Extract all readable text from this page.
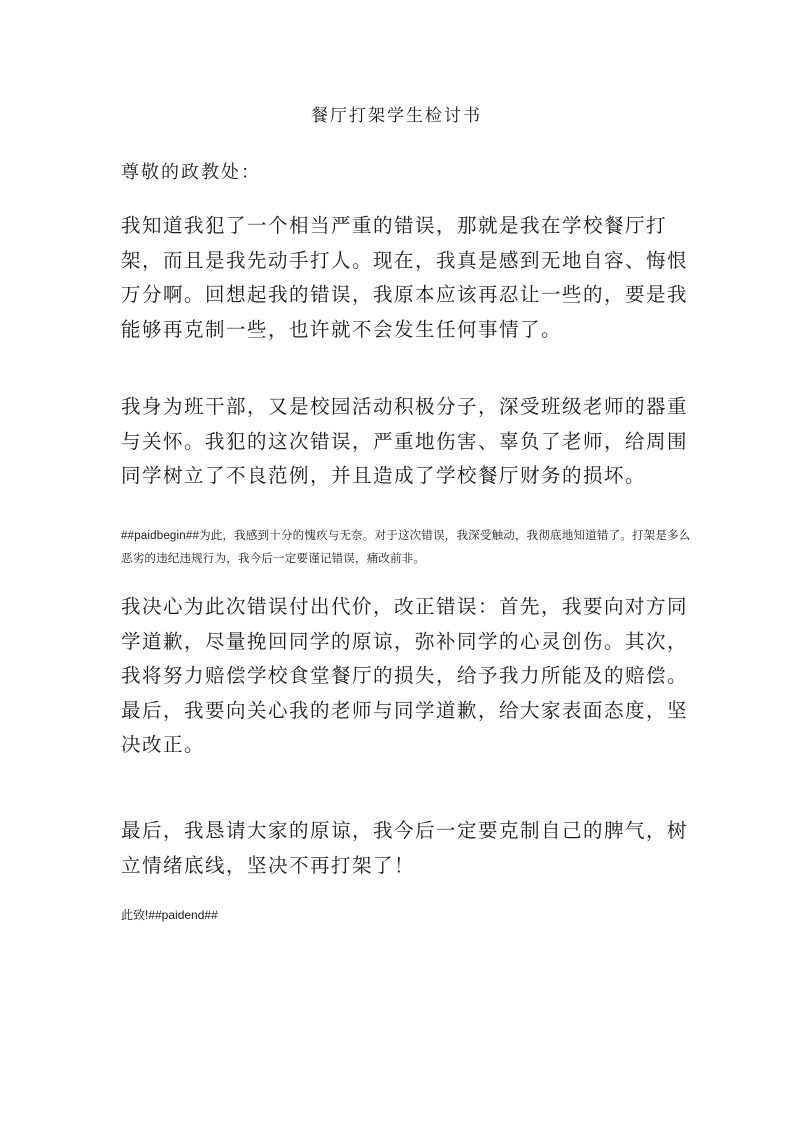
餐厅打架学生检讨书

尊敬的政教处：

我知道我犯了一个相当严重的错误，那就是我在学校餐厅打架，而且是我先动手打人。现在，我真是感到无地自容、悔恨万分啊。回想起我的错误，我原本应该再忍让一些的，要是我能够再克制一些，也许就不会发生任何事情了。

我身为班干部，又是校园活动积极分子，深受班级老师的器重与关怀。我犯的这次错误，严重地伤害、辜负了老师，给周围同学树立了不良范例，并且造成了学校餐厅财务的损坏。

##paidbegin##为此，我感到十分的愧疚与无奈。对于这次错误，我深受触动，我彻底地知道错了。打架是多么恶劣的违纪违规行为，我今后一定要谨记错误，痛改前非。

我决心为此次错误付出代价，改正错误：首先，我要向对方同学道歉，尽量挽回同学的原谅，弥补同学的心灵创伤。其次，我将努力赔偿学校食堂餐厅的损失，给予我力所能及的赔偿。最后，我要向关心我的老师与同学道歉，给大家表面态度，坚决改正。

最后，我恳请大家的原谅，我今后一定要克制自己的脾气，树立情绪底线，坚决不再打架了！

此致!##paidend##
